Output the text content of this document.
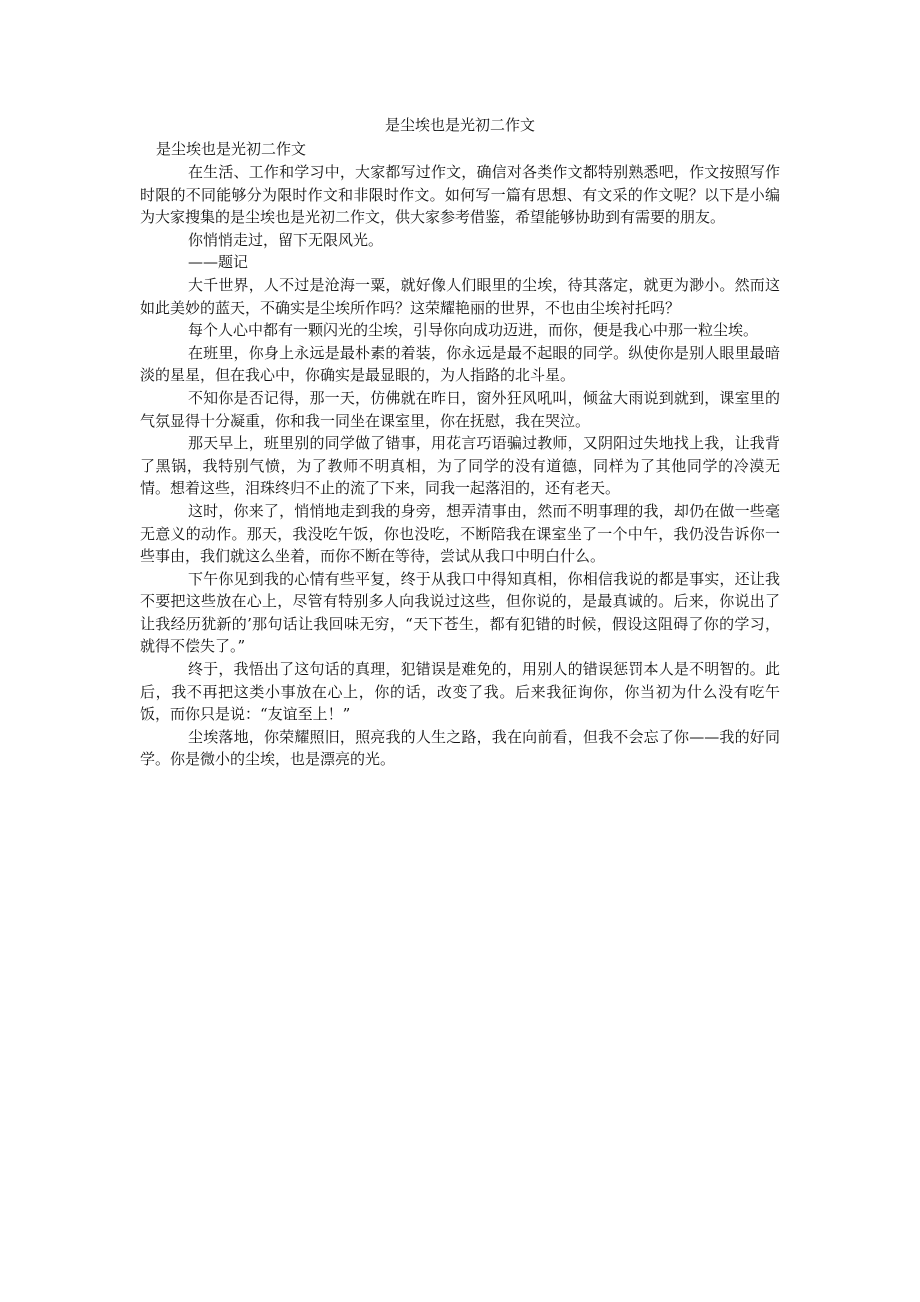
是尘埃也是光初二作文

是尘埃也是光初二作文

在生活、工作和学习中，大家都写过作文，确信对各类作文都特别熟悉吧，作文按照写作时限的不同能够分为限时作文和非限时作文。如何写一篇有思想、有文采的作文呢？以下是小编为大家搜集的是尘埃也是光初二作文，供大家参考借鉴，希望能够协助到有需要的朋友。

你悄悄走过，留下无限风光。

——题记

大千世界，人不过是沧海一粟，就好像人们眼里的尘埃，待其落定，就更为渺小。然而这如此美妙的蓝天，不确实是尘埃所作吗？这荣耀艳丽的世界，不也由尘埃衬托吗？

每个人心中都有一颗闪光的尘埃，引导你向成功迈进，而你，便是我心中那一粒尘埃。

在班里，你身上永远是最朴素的着装，你永远是最不起眼的同学。纵使你是别人眼里最暗淡的星星，但在我心中，你确实是最显眼的，为人指路的北斗星。

不知你是否记得，那一天，仿佛就在昨日，窗外狂风吼叫，倾盆大雨说到就到，课室里的气氛显得十分凝重，你和我一同坐在课室里，你在抚慰，我在哭泣。

那天早上，班里别的同学做了错事，用花言巧语骗过教师，又阴阳过失地找上我，让我背了黑锅，我特别气愤，为了教师不明真相，为了同学的没有道德，同样为了其他同学的冷漠无情。想着这些，泪珠终归不止的流了下来，同我一起落泪的，还有老天。

这时，你来了，悄悄地走到我的身旁，想弄清事由，然而不明事理的我，却仍在做一些毫无意义的动作。那天，我没吃午饭，你也没吃，不断陪我在课室坐了一个中午，我仍没告诉你一些事由，我们就这么坐着，而你不断在等待，尝试从我口中明白什么。

下午你见到我的心情有些平复，终于从我口中得知真相，你相信我说的都是事实，还让我不要把这些放在心上，尽管有特别多人向我说过这些，但你说的，是最真诚的。后来，你说出了让我经历犹新的’那句话让我回味无穷，“天下苍生，都有犯错的时候，假设这阻碍了你的学习，就得不偿失了。”

终于，我悟出了这句话的真理，犯错误是难免的，用别人的错误惩罚本人是不明智的。此后，我不再把这类小事放在心上，你的话，改变了我。后来我征询你，你当初为什么没有吃午饭，而你只是说：“友谊至上！”

尘埃落地，你荣耀照旧，照亮我的人生之路，我在向前看，但我不会忘了你——我的好同学。你是微小的尘埃，也是漂亮的光。
